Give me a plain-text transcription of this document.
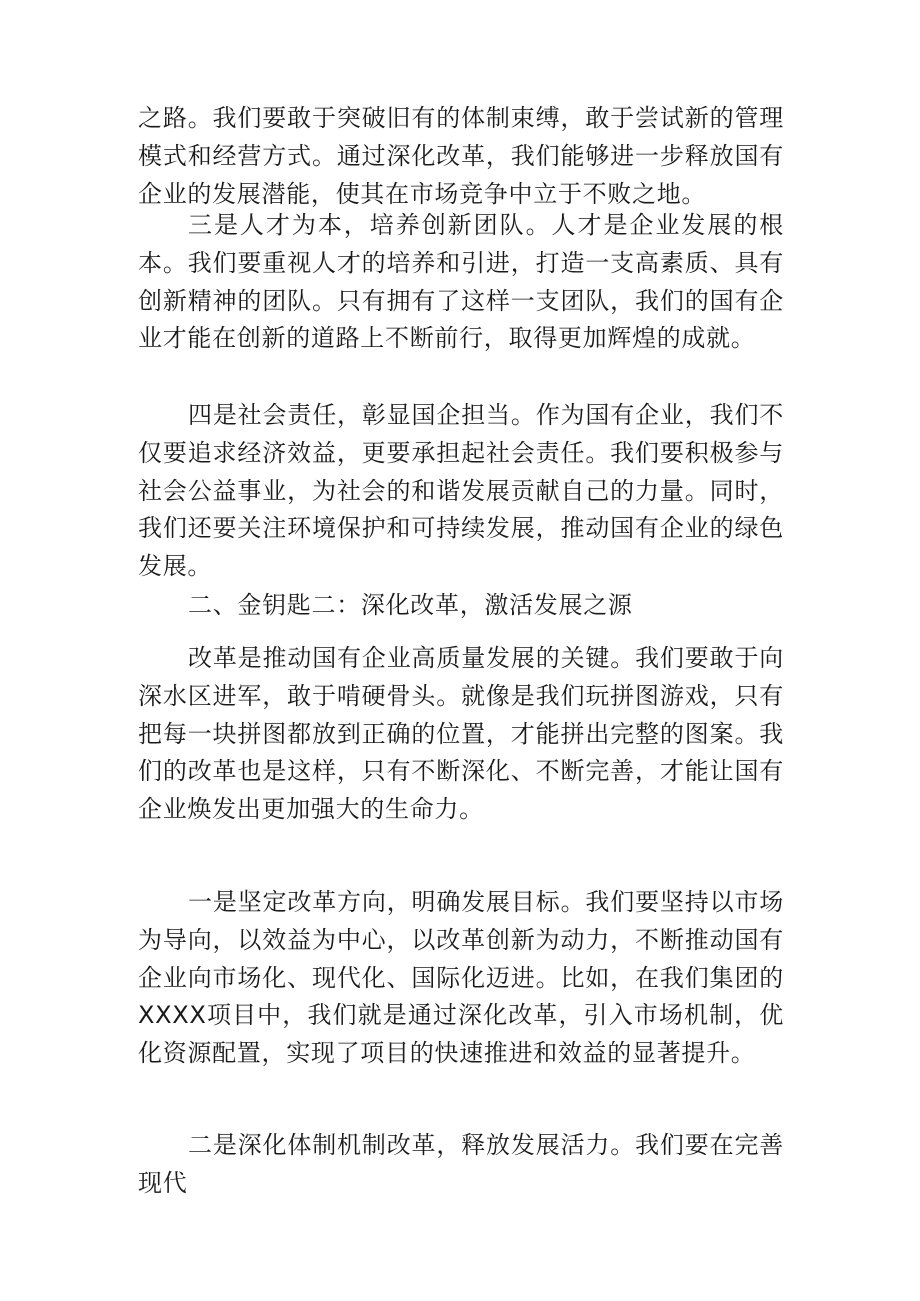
之路。我们要敢于突破旧有的体制束缚，敢于尝试新的管理模式和经营方式。通过深化改革，我们能够进一步释放国有企业的发展潜能，使其在市场竞争中立于不败之地。

三是人才为本，培养创新团队。人才是企业发展的根本。我们要重视人才的培养和引进，打造一支高素质、具有创新精神的团队。只有拥有了这样一支团队，我们的国有企业才能在创新的道路上不断前行，取得更加辉煌的成就。

四是社会责任，彰显国企担当。作为国有企业，我们不仅要追求经济效益，更要承担起社会责任。我们要积极参与社会公益事业，为社会的和谐发展贡献自己的力量。同时，我们还要关注环境保护和可持续发展，推动国有企业的绿色发展。

二、金钥匙二：深化改革，激活发展之源

改革是推动国有企业高质量发展的关键。我们要敢于向深水区进军，敢于啃硬骨头。就像是我们玩拼图游戏，只有把每一块拼图都放到正确的位置，才能拼出完整的图案。我们的改革也是这样，只有不断深化、不断完善，才能让国有企业焕发出更加强大的生命力。

一是坚定改革方向，明确发展目标。我们要坚持以市场为导向，以效益为中心，以改革创新为动力，不断推动国有企业向市场化、现代化、国际化迈进。比如，在我们集团的XXXX项目中，我们就是通过深化改革，引入市场机制，优化资源配置，实现了项目的快速推进和效益的显著提升。

二是深化体制机制改革，释放发展活力。我们要在完善现代
